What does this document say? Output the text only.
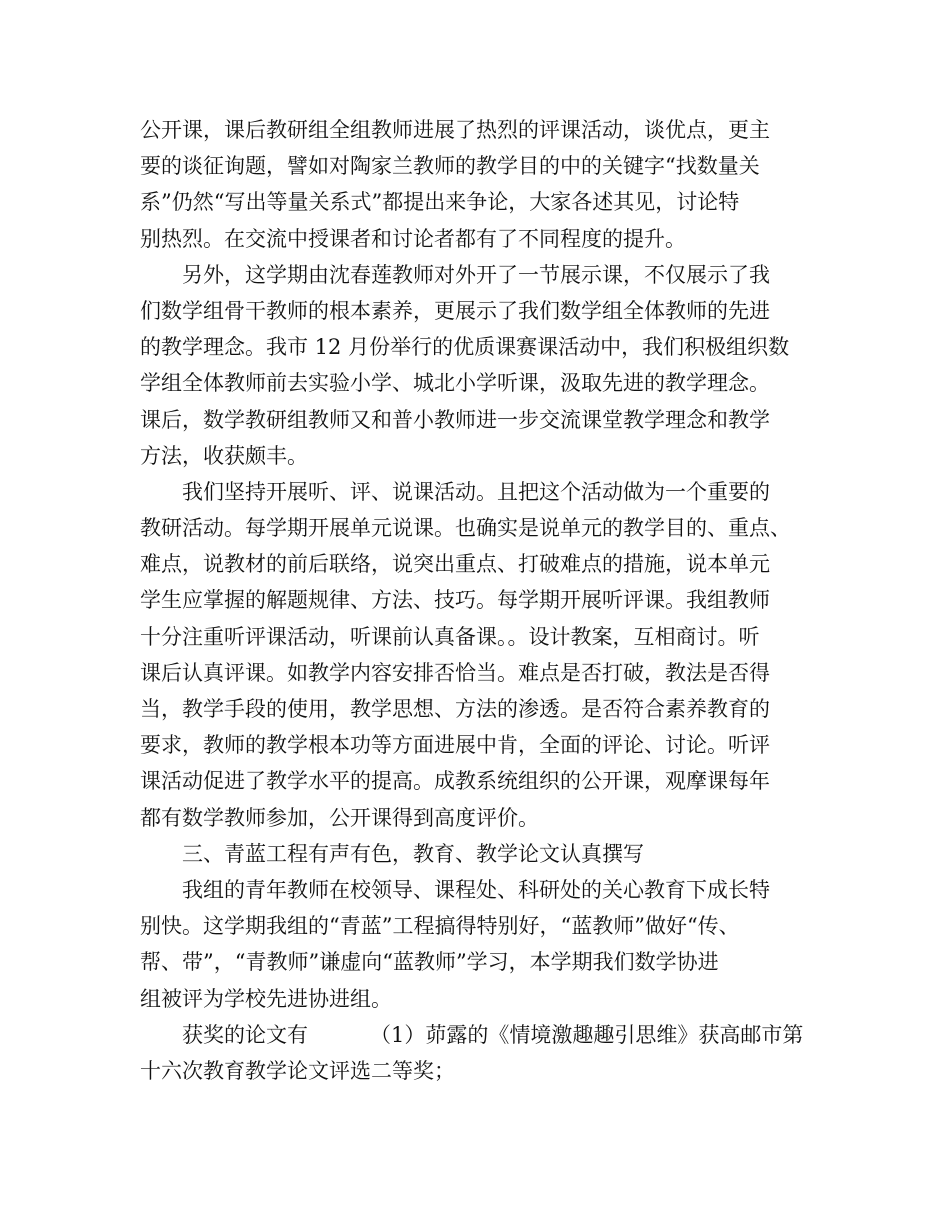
公开课，课后教研组全组教师进展了热烈的评课活动，谈优点，更主
要的谈征询题，譬如对陶家兰教师的教学目的中的关键字“找数量关
系”仍然“写出等量关系式”都提出来争论，大家各述其见，讨论特
别热烈。在交流中授课者和讨论者都有了不同程度的提升。
另外，这学期由沈春莲教师对外开了一节展示课，不仅展示了我
们数学组骨干教师的根本素养，更展示了我们数学组全体教师的先进
的教学理念。我市 12 月份举行的优质课赛课活动中，我们积极组织数
学组全体教师前去实验小学、城北小学听课，汲取先进的教学理念。
课后，数学教研组教师又和普小教师进一步交流课堂教学理念和教学
方法，收获颇丰。
我们坚持开展听、评、说课活动。且把这个活动做为一个重要的
教研活动。每学期开展单元说课。也确实是说单元的教学目的、重点、
难点，说教材的前后联络，说突出重点、打破难点的措施，说本单元
学生应掌握的解题规律、方法、技巧。每学期开展听评课。我组教师
十分注重听评课活动，听课前认真备课。。设计教案，互相商讨。听
课后认真评课。如教学内容安排否恰当。难点是否打破，教法是否得
当，教学手段的使用，教学思想、方法的渗透。是否符合素养教育的
要求，教师的教学根本功等方面进展中肯，全面的评论、讨论。听评
课活动促进了教学水平的提高。成教系统组织的公开课，观摩课每年
都有数学教师参加，公开课得到高度评价。
三、青蓝工程有声有色，教育、教学论文认真撰写
我组的青年教师在校领导、课程处、科研处的关心教育下成长特
别快。这学期我组的“青蓝”工程搞得特别好，“蓝教师”做好“传、
帮、带”，“青教师”谦虚向“蓝教师”学习，本学期我们数学协进
组被评为学校先进协进组。
获奖的论文有	（1）茆露的《情境激趣趣引思维》获高邮市第
十六次教育教学论文评选二等奖；
